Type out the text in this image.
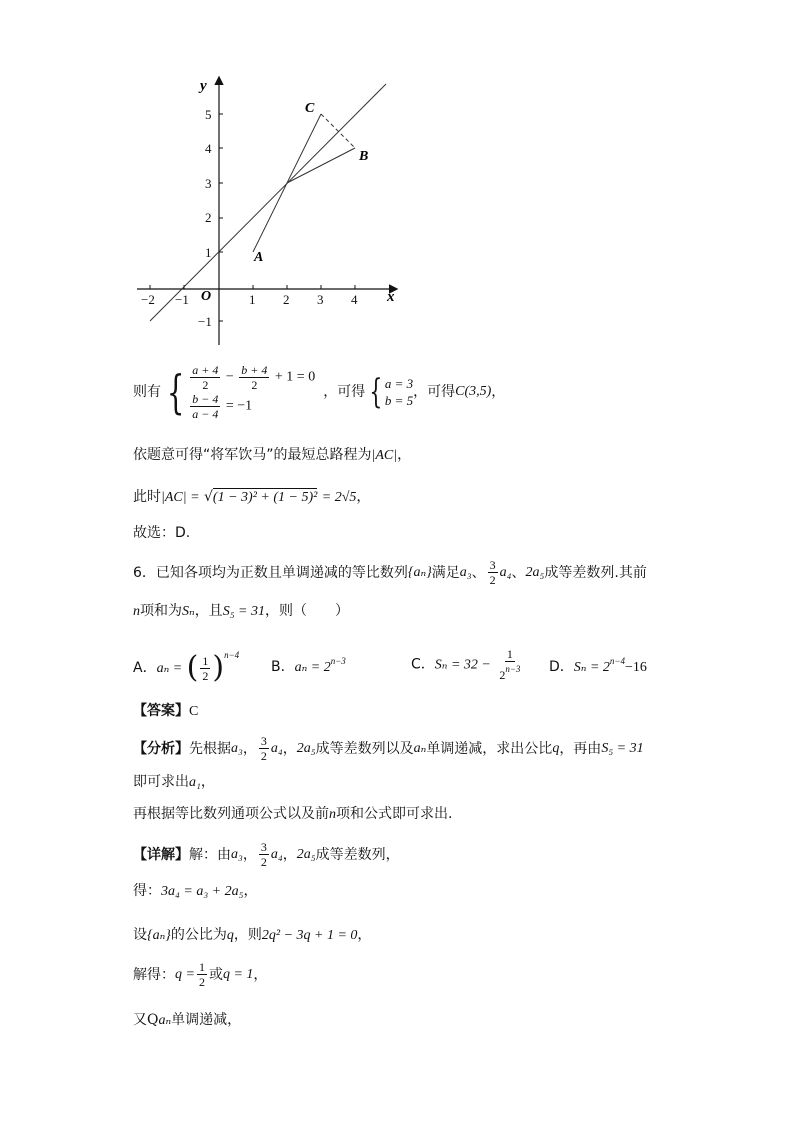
−2 −1	1 2 3 4
−1
1
2
3
4
5
O	x
y
A
B
C
则有 { $\frac{a + 4}{2} - \frac{b + 4}{2} + 1 = 0$
$\frac{b - 4}{a - 4} = -1$
，可得 { a = 3
b = 5
，可得 C(3,5) ，
依题意可得“将军饮马”的最短总路程为|AC|，
此时|AC| = √(1 − 3)² + (1 − 5)² = 2√5，
故选：D.
6． 已知各项均为正数且单调递减的等比数列 {aₙ} 满足 a₃ 、 $\frac{3}{2} a_4$ 、 2a₅ 成等差数列.其前
n项和为Sₙ，且S₅ = 31，则（　　）
A．aₙ = ( $\frac{1}{2} )^{n-4}$
B．$a_n = 2^{n-3}$	C．$S_n = 32 - \frac{1}{2^{n-3}}$ D．$S_n = 2^{n-4}-16$
【答案】C
【分析】 先根据 a₃ ， $\frac{3}{2} a_4$ ， 2a₅ 成等差数列以及 aₙ 单调递减，求出公比 q ，再由 S₅ = 31
即可求出a₁，
再根据等比数列通项公式以及前n项和公式即可求出.
【详解】 解：由 a₃ ， $\frac{3}{2} a_4$ ， 2a₅ 成等差数列，
得：3a₄ = a₃ + 2a₅，
设{aₙ}的公比为q，则2q² − 3q + 1 = 0，
解得： $q = \frac{1}{2}$ 或 q = 1 ，
又Qaₙ单调递减，
